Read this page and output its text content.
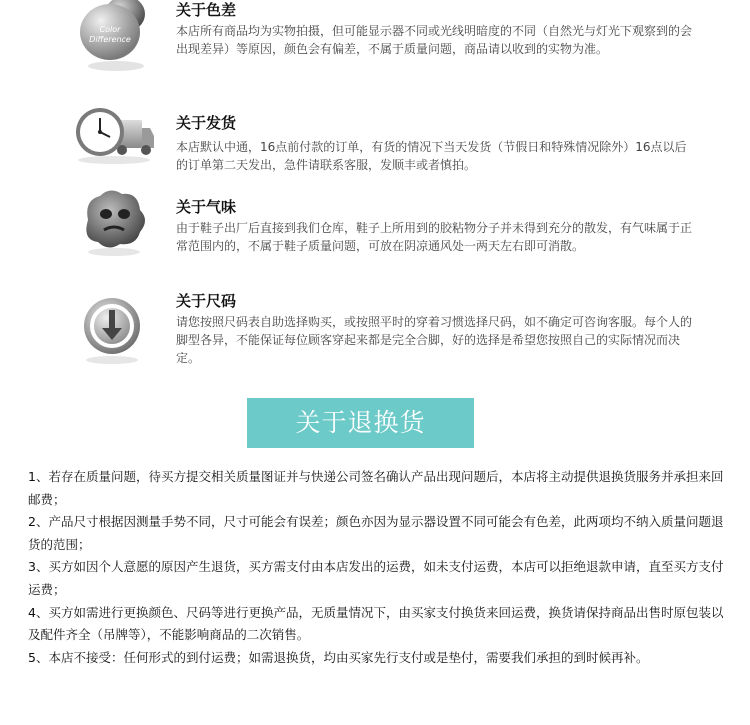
Color
Difference
关于色差
本店所有商品均为实物拍摄，但可能显示器不同或光线明暗度的不同（自然光与灯光下观察到的会出现差异）等原因，颜色会有偏差，不属于质量问题，商品请以收到的实物为准。
关于发货
本店默认中通，16点前付款的订单，有货的情况下当天发货（节假日和特殊情况除外）16点以后的订单第二天发出，急件请联系客服，发顺丰或者慎拍。
关于气味
由于鞋子出厂后直接到我们仓库，鞋子上所用到的胶粘物分子并未得到充分的散发，有气味属于正常范围内的，不属于鞋子质量问题，可放在阴凉通风处一两天左右即可消散。
关于尺码
请您按照尺码表自助选择购买，或按照平时的穿着习惯选择尺码，如不确定可咨询客服。每个人的脚型各异，不能保证每位顾客穿起来都是完全合脚，好的选择是希望您按照自己的实际情况而决定。
关于退换货

1、若存在质量问题，待买方提交相关质量图证并与快递公司签名确认产品出现问题后，本店将主动提供退换货服务并承担来回邮费；

2、产品尺寸根据因测量手势不同，尺寸可能会有误差；颜色亦因为显示器设置不同可能会有色差，此两项均不纳入质量问题退货的范围；

3、买方如因个人意愿的原因产生退货，买方需支付由本店发出的运费，如未支付运费，本店可以拒绝退款申请，直至买方支付运费；

4、买方如需进行更换颜色、尺码等进行更换产品，无质量情况下，由买家支付换货来回运费，换货请保持商品出售时原包装以及配件齐全（吊牌等），不能影响商品的二次销售。

5、本店不接受：任何形式的到付运费；如需退换货，均由买家先行支付或是垫付，需要我们承担的到时候再补。
